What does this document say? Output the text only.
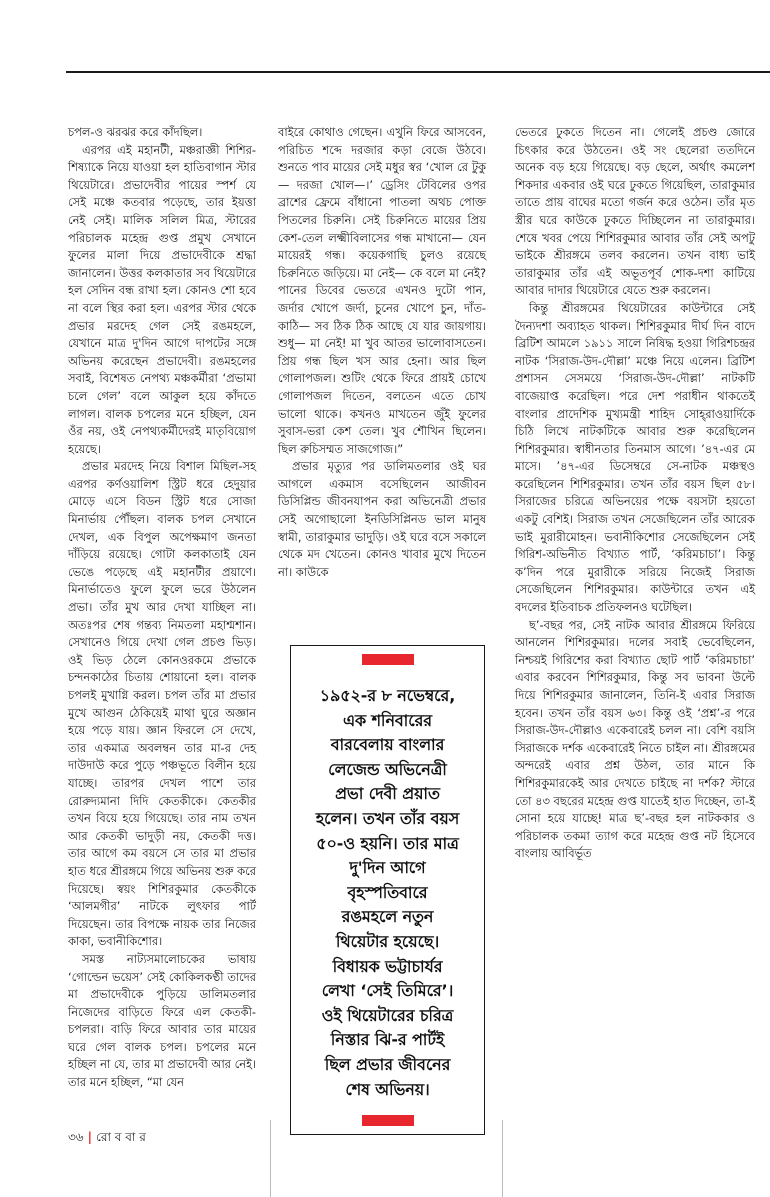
চপল-ও ঝরঝর করে কাঁদছিল।

এরপর এই মহানটী, মঞ্চরাজ্ঞী শিশির-শিষ্যাকে নিয়ে যাওয়া হল হাতিবাগান স্টার থিয়েটারে। প্রভাদেবীর পায়ের স্পর্শ যে সেই মঞ্চে কতবার পড়েছে, তার ইয়ত্তা নেই সেই। মালিক সলিল মিত্র, স্টারের পরিচালক মহেন্দ্র গুপ্ত প্রমুখ সেখানে ফুলের মালা দিয়ে প্রভাদেবীকে শ্রদ্ধা জানালেন। উত্তর কলকাতার সব থিয়েটারে হল সেদিন বন্ধ রাখা হল। কোনও শো হবে না বলে স্থির করা হল। এরপর স্টার থেকে প্রভার মরদেহ গেল সেই রঙমহলে, যেখানে মাত্র দু'দিন আগে দাপটের সঙ্গে অভিনয় করেছেন প্রভাদেবী। রঙমহলের সবাই, বিশেষত নেপথ্য মঞ্চকর্মীরা ‘প্রভামা চলে গেল’ বলে আকুল হয়ে কাঁদতে লাগল। বালক চপলের মনে হচ্ছিল, যেন ওঁর নয়, ওই নেপথ্যকর্মীদেরই মাতৃবিয়োগ হয়েছে।

প্রভার মরদেহ নিয়ে বিশাল মিছিল-সহ এরপর কর্ণওয়ালিশ স্ট্রিট ধরে হেদুয়ার মোড়ে এসে বিডন স্ট্রিট ধরে সোজা মিনার্ভায় পৌঁছল। বালক চপল সেখানে দেখল, এক বিপুল অপেক্ষমাণ জনতা দাঁড়িয়ে রয়েছে। গোটা কলকাতাই যেন ভেঙে পড়েছে এই মহানটীর প্রয়াণে। মিনার্ভাতেও ফুলে ফুলে ভরে উঠলেন প্রভা। তাঁর মুখ আর দেখা যাচ্ছিল না। অতঃপর শেষ গন্তব্য নিমতলা মহাশ্মশান। সেখানেও গিয়ে দেখা গেল প্রচণ্ড ভিড়। ওই ভিড় ঠেলে কোনওরকমে প্রভাকে চন্দনকাঠের চিতায় শোয়ানো হল। বালক চপলই মুখাগ্নি করল। চপল তাঁর মা প্রভার মুখে আগুন ঠেকিয়েই মাথা ঘুরে অজ্ঞান হয়ে পড়ে যায়। জ্ঞান ফিরলে সে দেখে, তার একমাত্র অবলম্বন তার মা-র দেহ দাউদাউ করে পুড়ে পঞ্চভূতে বিলীন হয়ে যাচ্ছে। তারপর দেখল পাশে তার রোরুদ্যমানা দিদি কেতকীকে। কেতকীর তখন বিয়ে হয়ে গিয়েছে। তার নাম তখন আর কেতকী ভাদুড়ী নয়, কেতকী দত্ত। তার আগে কম বয়সে সে তার মা প্রভার হাত ধরে শ্রীরঙ্গমে গিয়ে অভিনয় শুরু করে দিয়েছে। স্বয়ং শিশিরকুমার কেতকীকে ‘আলমগীর’ নাটকে লুৎফার পার্ট দিয়েছেন। তার বিপক্ষে নায়ক তার নিজের কাকা, ভবানীকিশোর।

সমস্ত নাট্যসমালোচকের ভাষায় ‘গোল্ডেন ভয়েস’ সেই কোকিলকণ্ঠী তাদের মা প্রভাদেবীকে পুড়িয়ে ডালিমতলার নিজেদের বাড়িতে ফিরে এল কেতকী-চপলরা। বাড়ি ফিরে আবার তার মায়ের ঘরে গেল বালক চপল। চপলের মনে হচ্ছিল না যে, তার মা প্রভাদেবী আর নেই। তার মনে হচ্ছিল, “মা যেন

বাইরে কোথাও গেছেন। এখুনি ফিরে আসবেন, পরিচিত শব্দে দরজার কড়া বেজে উঠবে। শুনতে পাব মায়ের সেই মধুর স্বর ‘খোল রে টুকু— দরজা খোল—।’ ড্রেসিং টেবিলের ওপর ব্রাশের ফ্রেমে বাঁধানো পাতলা অথচ পোক্ত পিতলের চিরুনি। সেই চিরুনিতে মায়ের প্রিয় কেশ-তেল লক্ষ্মীবিলাসের গন্ধ মাখানো— যেন মায়েরই গন্ধ। কয়েকগাছি চুলও রয়েছে চিরুনিতে জড়িয়ে। মা নেই— কে বলে মা নেই? পানের ডিবের ভেতরে এখনও দুটো পান, জর্দার খোপে জর্দা, চুনের খোপে চুন, দাঁত-কাঠি— সব ঠিক ঠিক আছে যে যার জায়গায়। শুধু— মা নেই! মা খুব আতর ভালোবাসতেন। প্রিয় গন্ধ ছিল খস আর হেনা। আর ছিল গোলাপজল। শুটিং থেকে ফিরে প্রায়ই চোখে গোলাপজল দিতেন, বলতেন এতে চোখ ভালো থাকে। কখনও মাখতেন জুঁই ফুলের সুবাস-ভরা কেশ তেল। খুব শৌখিন ছিলেন। ছিল রুচিসম্মত সাজগোজ।”

প্রভার মৃত্যুর পর ডালিমতলার ওই ঘর আগলে একমাস বসেছিলেন আজীবন ডিসিপ্লিন্ড জীবনযাপন করা অভিনেত্রী প্রভার সেই অগোছালো ইনডিসিপ্লিনড ভাল মানুষ স্বামী, তারাকুমার ভাদুড়ি। ওই ঘরে বসে সকালে থেকে মদ খেতেন। কোনও খাবার মুখে দিতেন না। কাউকে

ভেতরে ঢুকতে দিতেন না। গেলেই প্রচণ্ড জোরে চিৎকার করে উঠতেন। ওই সং ছেলেরা ততদিনে অনেক বড় হয়ে গিয়েছে। বড় ছেলে, অর্থাৎ কমলেশ শিকদার একবার ওই ঘরে ঢুকতে গিয়েছিল, তারাকুমার তাতে প্রায় বাঘের মতো গর্জন করে ওঠেন। তাঁর মৃত স্ত্রীর ঘরে কাউকে ঢুকতে দিচ্ছিলেন না তারাকুমার। শেষে খবর পেয়ে শিশিরকুমার আবার তাঁর সেই অপটু ভাইকে শ্রীরঙ্গমে তলব করলেন। তখন বাধ্য ভাই তারাকুমার তাঁর এই অভূতপূর্ব শোক-দশা কাটিয়ে আবার দাদার থিয়েটারে যেতে শুরু করলেন।

কিন্তু শ্রীরঙ্গমের থিয়েটারের কাউন্টারে সেই দৈন্যদশা অব্যাহত থাকল। শিশিরকুমার দীর্ঘ দিন বাদে ব্রিটিশ আমলে ১৯১১ সালে নিষিদ্ধ হওয়া গিরিশচন্দ্রর নাটক ‘সিরাজ-উদ-দৌল্লা’ মঞ্চে নিয়ে এলেন। ব্রিটিশ প্রশাসন সেসময়ে ‘সিরাজ-উদ-দৌল্লা’ নাটকটি বাজেয়াপ্ত করেছিল। পরে দেশ পরাধীন থাকতেই বাংলার প্রাদেশিক মুখ্যমন্ত্রী শাহিদ সোহ্‌রাওয়ার্দিকে চিঠি লিখে নাটকটিকে আবার শুরু করেছিলেন শিশিরকুমার। স্বাধীনতার তিনমাস আগে। ’৪৭-এর মে মাসে। ’৪৭-এর ডিসেম্বরে সে-নাটক মঞ্চস্থও করেছিলেন শিশিরকুমার। তখন তাঁর বয়স ছিল ৫৮। সিরাজের চরিত্রে অভিনয়ের পক্ষে বয়সটা হয়তো একটু বেশিই। সিরাজ তখন সেজেছিলেন তাঁর আরেক ভাই মুরারীমোহন। ভবানীকিশোর সেজেছিলেন সেই গিরিশ-অভিনীত বিখ্যাত পার্ট, ‘করিমচাচা’। কিন্তু ক’দিন পরে মুরারীকে সরিয়ে নিজেই সিরাজ সেজেছিলেন শিশিরকুমার। কাউন্টারে তখন এই বদলের ইতিবাচক প্রতিফলনও ঘটেছিল।

ছ’-বছর পর, সেই নাটক আবার শ্রীরঙ্গমে ফিরিয়ে আনলেন শিশিরকুমার। দলের সবাই ভেবেছিলেন, নিশ্চয়ই গিরিশের করা বিখ্যাত ছোট পার্ট ‘করিমচাচা’ এবার করবেন শিশিরকুমার, কিন্তু সব ভাবনা উল্টে দিয়ে শিশিরকুমার জানালেন, তিনি-ই এবার সিরাজ হবেন। তখন তাঁর বয়স ৬৩। কিন্তু ওই ‘প্রশ্ন’-র পরে সিরাজ-উদ-দৌল্লাও একেবারেই চলল না। বেশি বয়সি সিরাজকে দর্শক একেবারেই নিতে চাইল না। শ্রীরঙ্গমের অন্দরেই এবার প্রশ্ন উঠল, তার মানে কি শিশিরকুমারকেই আর দেখতে চাইছে না দর্শক? স্টারে তো ৪৩ বছরের মহেন্দ্র গুপ্ত যাতেই হাত দিচ্ছেন, তা-ই সোনা হয়ে যাচ্ছে! মাত্র ছ’-বছর হল নাটককার ও পরিচালক তকমা ত্যাগ করে মহেন্দ্র গুপ্ত নট হিসেবে বাংলায় আবির্ভূত

১৯৫২-র ৮ নভেম্বরে,
এক শনিবারের
বারবেলায় বাংলার
লেজেন্ড অভিনেত্রী
প্রভা দেবী প্রয়াত
হলেন। তখন তাঁর বয়স
৫০-ও হয়নি। তার মাত্র
দু'দিন আগে
বৃহস্পতিবারে
রঙমহলে নতুন
থিয়েটার হয়েছে।
বিধায়ক ভট্টাচার্যর
লেখা ‘সেই তিমিরে’।
ওই থিয়েটারের চরিত্র
নিস্তার ঝি-র পার্টই
ছিল প্রভার জীবনের
শেষ অভিনয়।
৩৬ | রো ব বা র
